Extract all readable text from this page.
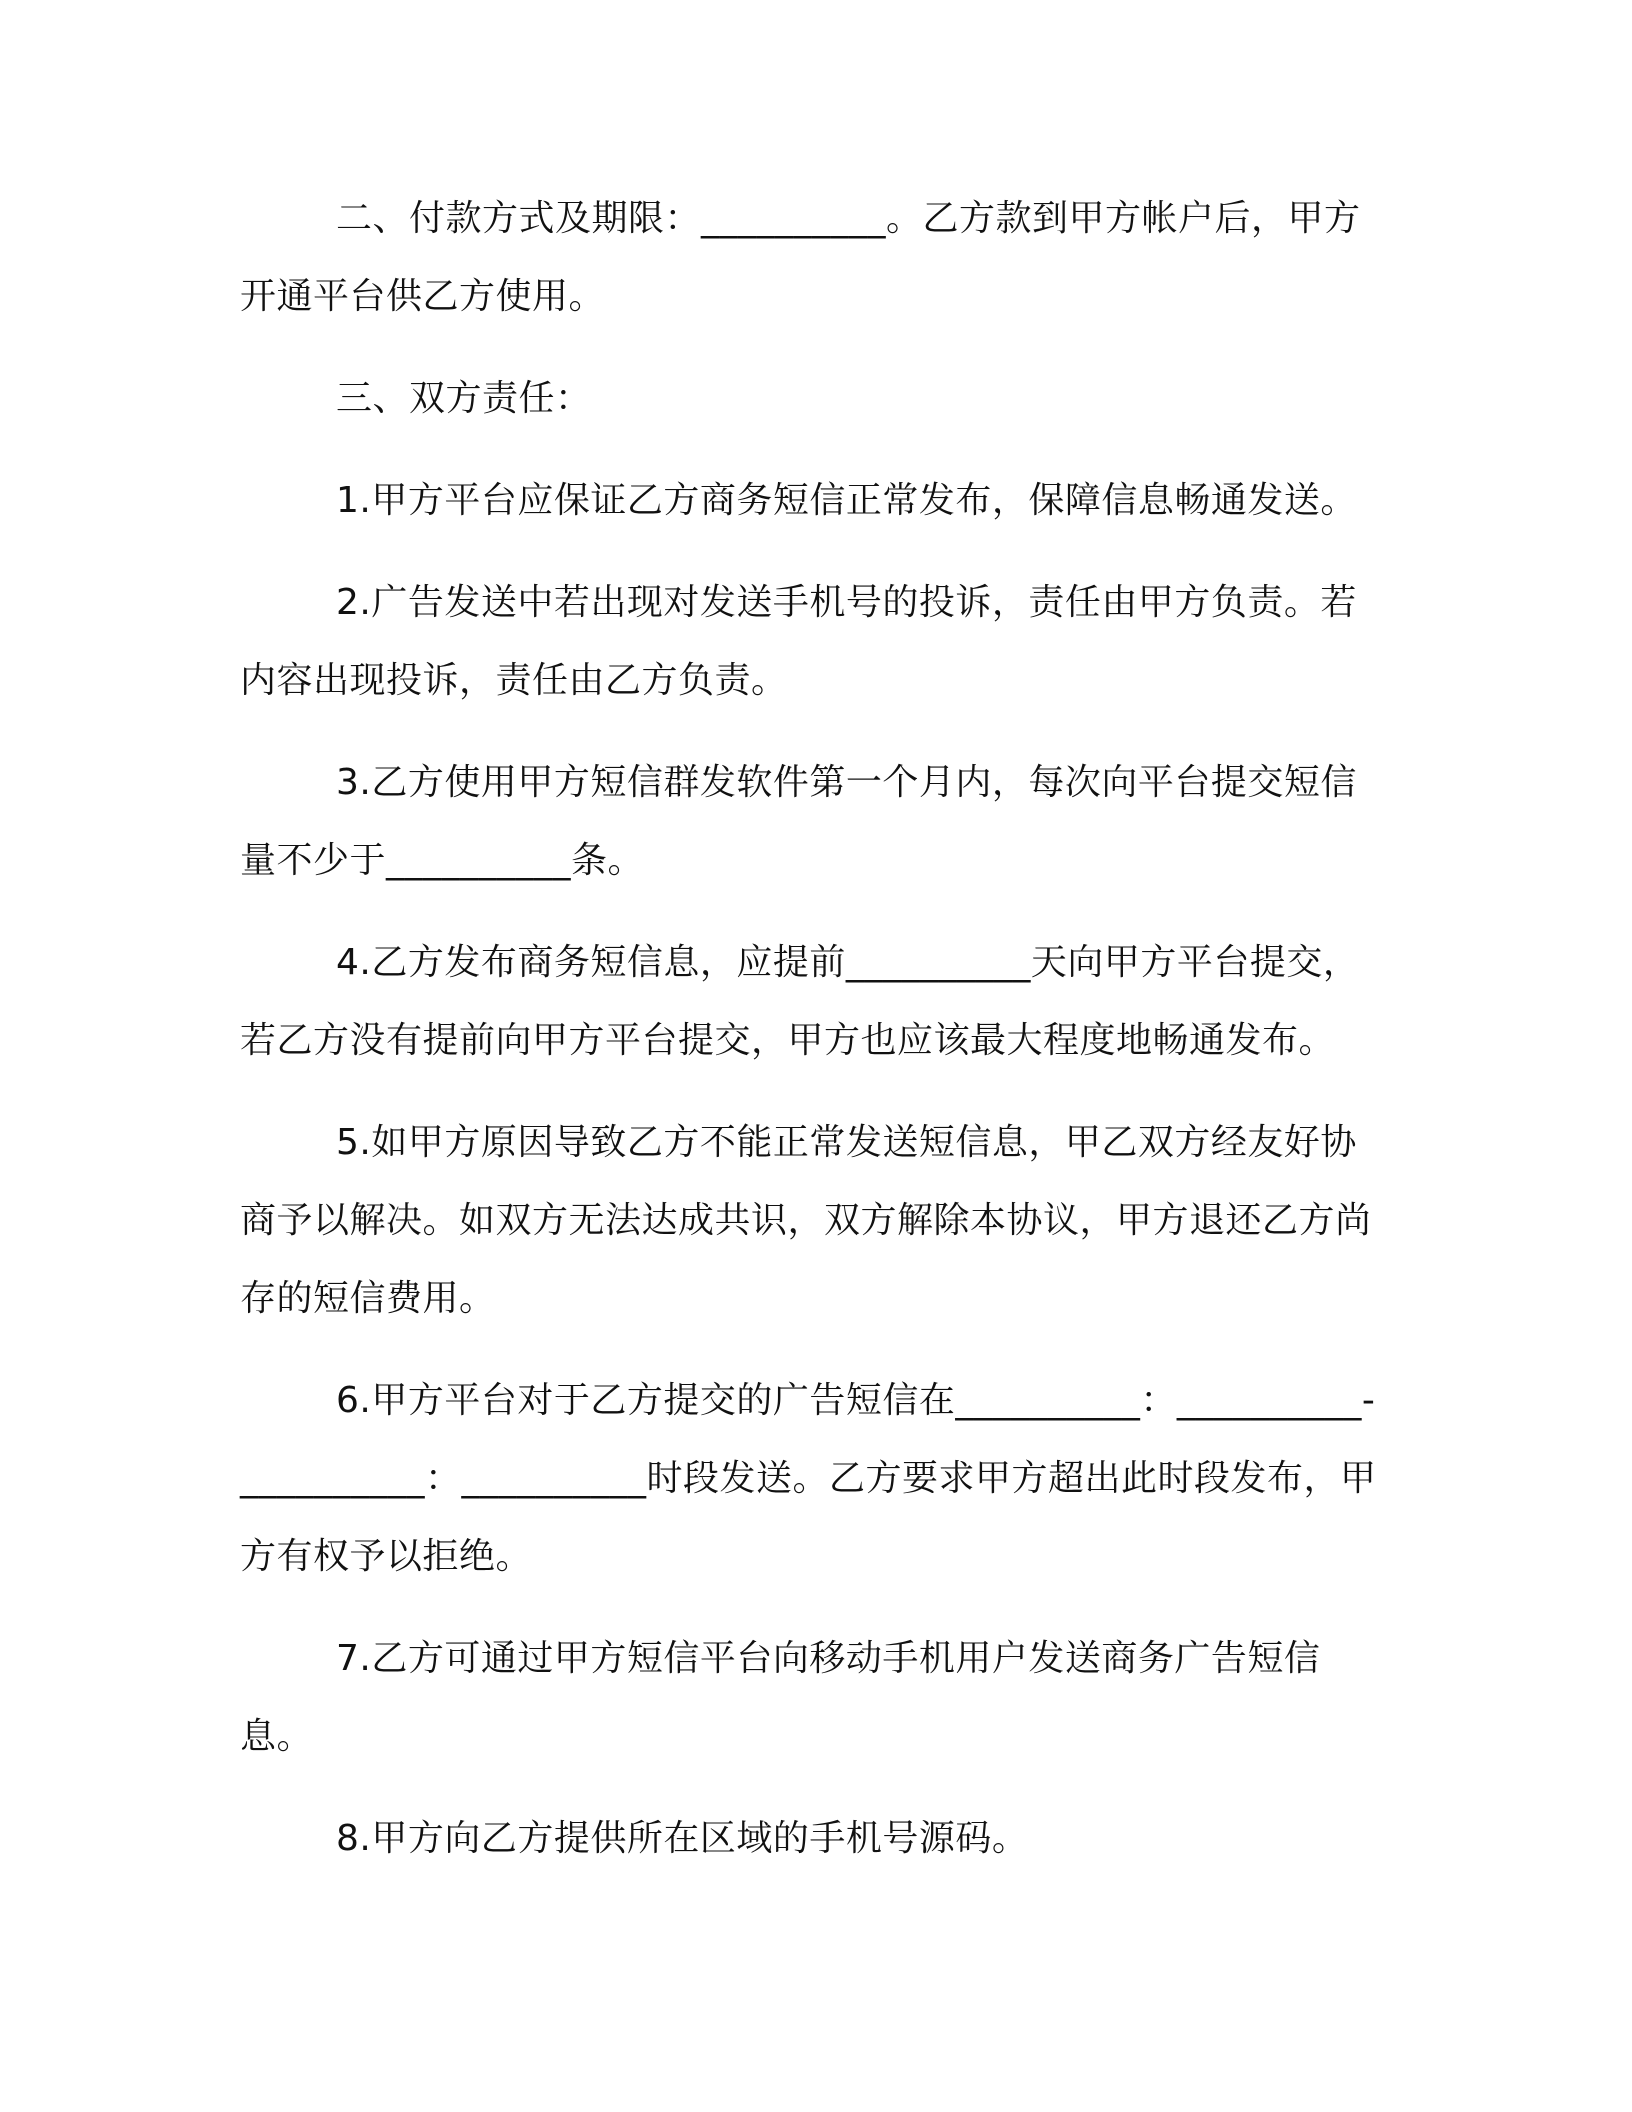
二、付款方式及期限：__________。乙方款到甲方帐户后，甲方开通平台供乙方使用。

三、双方责任：

1.甲方平台应保证乙方商务短信正常发布，保障信息畅通发送。

2.广告发送中若出现对发送手机号的投诉，责任由甲方负责。若内容出现投诉，责任由乙方负责。

3.乙方使用甲方短信群发软件第一个月内，每次向平台提交短信量不少于__________条。

4.乙方发布商务短信息，应提前__________天向甲方平台提交，若乙方没有提前向甲方平台提交，甲方也应该最大程度地畅通发布。

5.如甲方原因导致乙方不能正常发送短信息，甲乙双方经友好协商予以解决。如双方无法达成共识，双方解除本协议，甲方退还乙方尚存的短信费用。

6.甲方平台对于乙方提交的广告短信在__________：__________-__________：__________时段发送。乙方要求甲方超出此时段发布，甲方有权予以拒绝。

7.乙方可通过甲方短信平台向移动手机用户发送商务广告短信息。

8.甲方向乙方提供所在区域的手机号源码。
